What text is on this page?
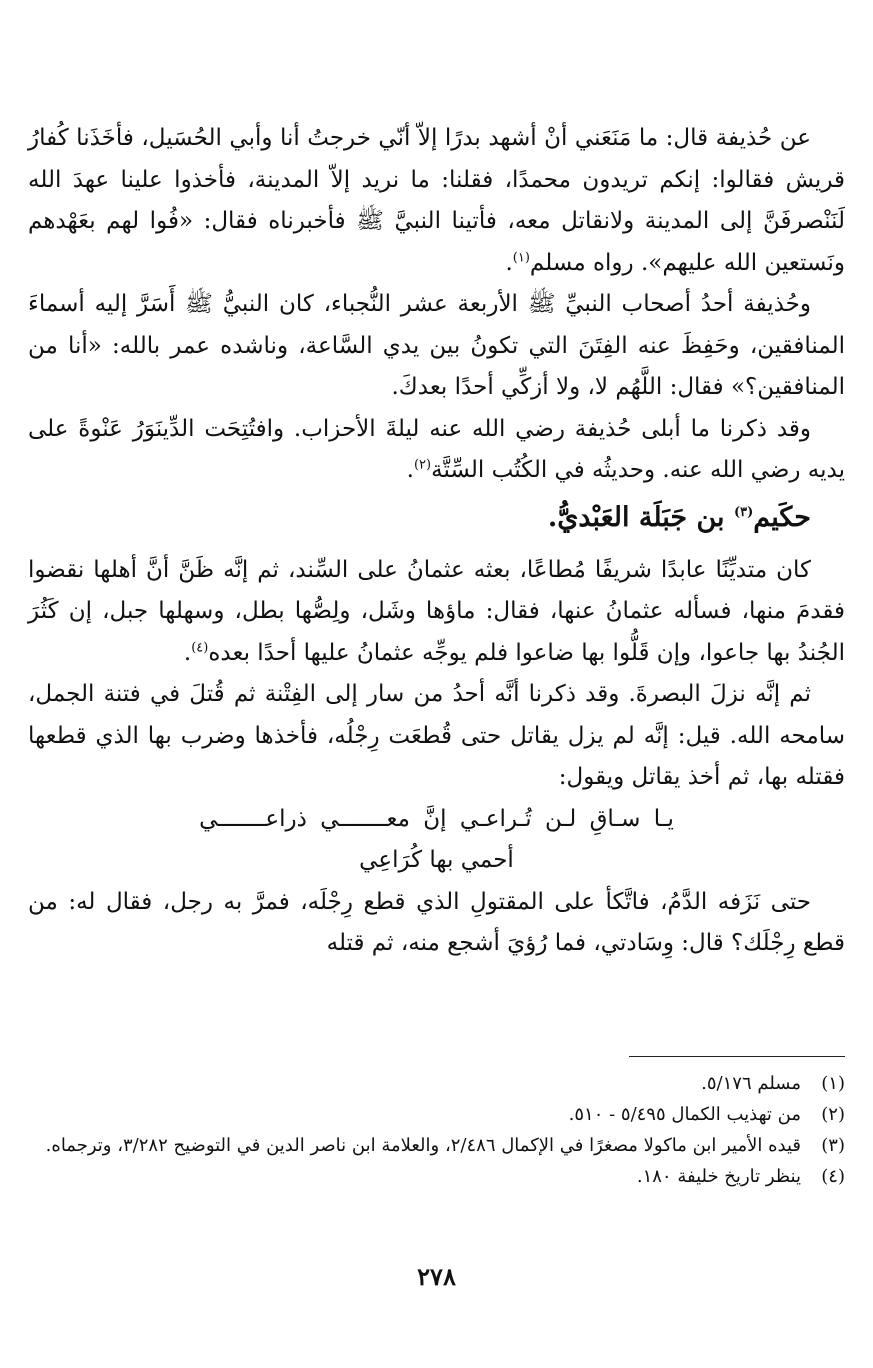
عن حُذيفة قال: ما مَنَعَني أنْ أشهد بدرًا إلاّ أنّي خرجتُ أنا وأبي الحُسَيل، فأخَذَنا كُفارُ قريش فقالوا: إنكم تريدون محمدًا، فقلنا: ما نريد إلاّ المدينة، فأخذوا علينا عهدَ الله لَنَنْصرفَنَّ إلى المدينة ولانقاتل معه، فأتينا النبيَّ ﷺ فأخبرناه فقال: «فُوا لهم بعَهْدهم ونَستعين الله عليهم». رواه مسلم$^{(١)}$.

وحُذيفة أحدُ أصحاب النبيِّ ﷺ الأربعة عشر النُّجباء، كان النبيُّ ﷺ أَسَرَّ إليه أسماءَ المنافقين، وحَفِظَ عنه الفِتَنَ التي تكونُ بين يدي السَّاعة، وناشده عمر بالله: «أنا من المنافقين؟» فقال: اللَّهُم لا، ولا أزكِّي أحدًا بعدكَ.

وقد ذكرنا ما أبلى حُذيفة رضي الله عنه ليلةَ الأحزاب. وافتُتِحَت الدِّينَوَرُ عَنْوةً على يديه رضي الله عنه. وحديثُه في الكُتُب السِّتَّة$^{(٢)}$.

حكَيم$^{(٣)}$ بن جَبَلَة العَبْديُّ.

كان متديِّنًا عابدًا شريفًا مُطاعًا، بعثه عثمانُ على السِّند، ثم إنَّه ظَنَّ أنَّ أهلها نقضوا فقدمَ منها، فسأله عثمانُ عنها، فقال: ماؤها وشَل، ولِصُّها بطل، وسهلها جبل، إن كَثُرَ الجُندُ بها جاعوا، وإن قَلُّوا بها ضاعوا فلم يوجِّه عثمانُ عليها أحدًا بعده$^{(٤)}$.

ثم إنَّه نزلَ البصرةَ. وقد ذكرنا أنَّه أحدُ من سار إلى الفِتْنة ثم قُتلَ في فتنة الجمل، سامحه الله. قيل: إنَّه لم يزل يقاتل حتى قُطعَت رِجْلُه، فأخذها وضرب بها الذي قطعها فقتله بها، ثم أخذ يقاتل ويقول:

يـا سـاقِ لـن تُـراعـي إنَّ معـــــــي ذراعـــــــي

أحمي بها كُرَاعِي

حتى نَزَفه الدَّمُ، فاتَّكأ على المقتولِ الذي قطع رِجْلَه، فمرَّ به رجل، فقال له: من قطع رِجْلَك؟ قال: وِسَادتي، فما رُؤيَ أشجع منه، ثم قتله

(١)
مسلم ٥/١٧٦.
(٢)
من تهذيب الكمال ٥/٤٩٥ - ٥١٠.
(٣)
قيده الأمير ابن ماكولا مصغرًا في الإكمال ٢/٤٨٦، والعلامة ابن ناصر الدين في التوضيح ٣/٢٨٢، وترجماه.
(٤)
ينظر تاريخ خليفة ١٨٠.
٢٧٨
